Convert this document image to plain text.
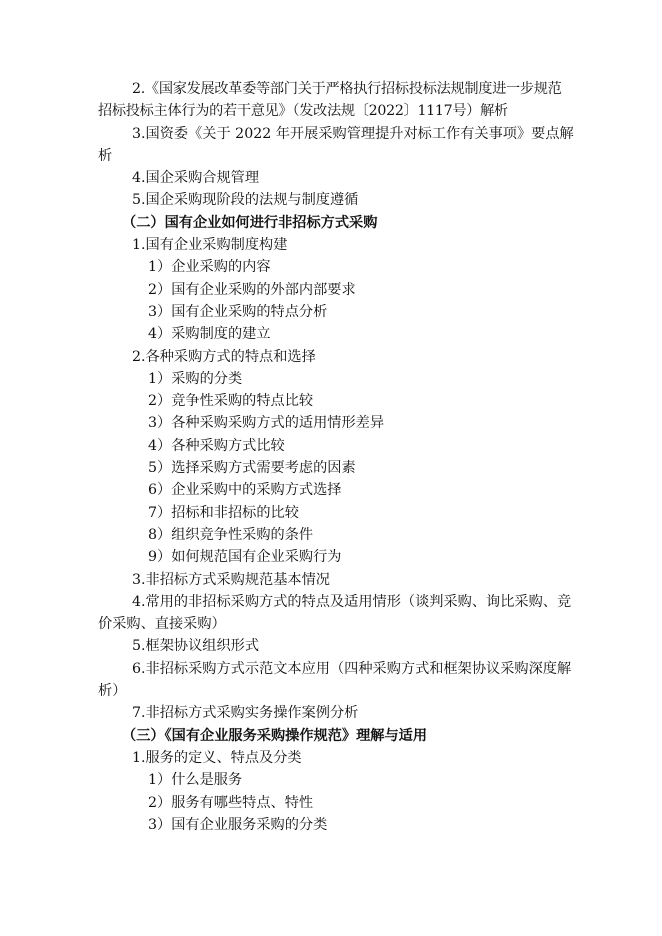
2.《国家发展改革委等部门关于严格执行招标投标法规制度进一步规范招标投标主体行为的若干意见》（发改法规〔2022〕1117号）解析
3.国资委《关于 2022 年开展采购管理提升对标工作有关事项》要点解析
4.国企采购合规管理
5.国企采购现阶段的法规与制度遵循
（二）国有企业如何进行非招标方式采购
1.国有企业采购制度构建
1）企业采购的内容
2）国有企业采购的外部内部要求
3）国有企业采购的特点分析
4）采购制度的建立
2.各种采购方式的特点和选择
1）采购的分类
2）竞争性采购的特点比较
3）各种采购采购方式的适用情形差异
4）各种采购方式比较
5）选择采购方式需要考虑的因素
6）企业采购中的采购方式选择
7）招标和非招标的比较
8）组织竞争性采购的条件
9）如何规范国有企业采购行为
3.非招标方式采购规范基本情况
4.常用的非招标采购方式的特点及适用情形（谈判采购、询比采购、竞价采购、直接采购）
5.框架协议组织形式
6.非招标采购方式示范文本应用（四种采购方式和框架协议采购深度解析）
7.非招标方式采购实务操作案例分析
（三）《国有企业服务采购操作规范》理解与适用
1.服务的定义、特点及分类
1）什么是服务
2）服务有哪些特点、特性
3）国有企业服务采购的分类
